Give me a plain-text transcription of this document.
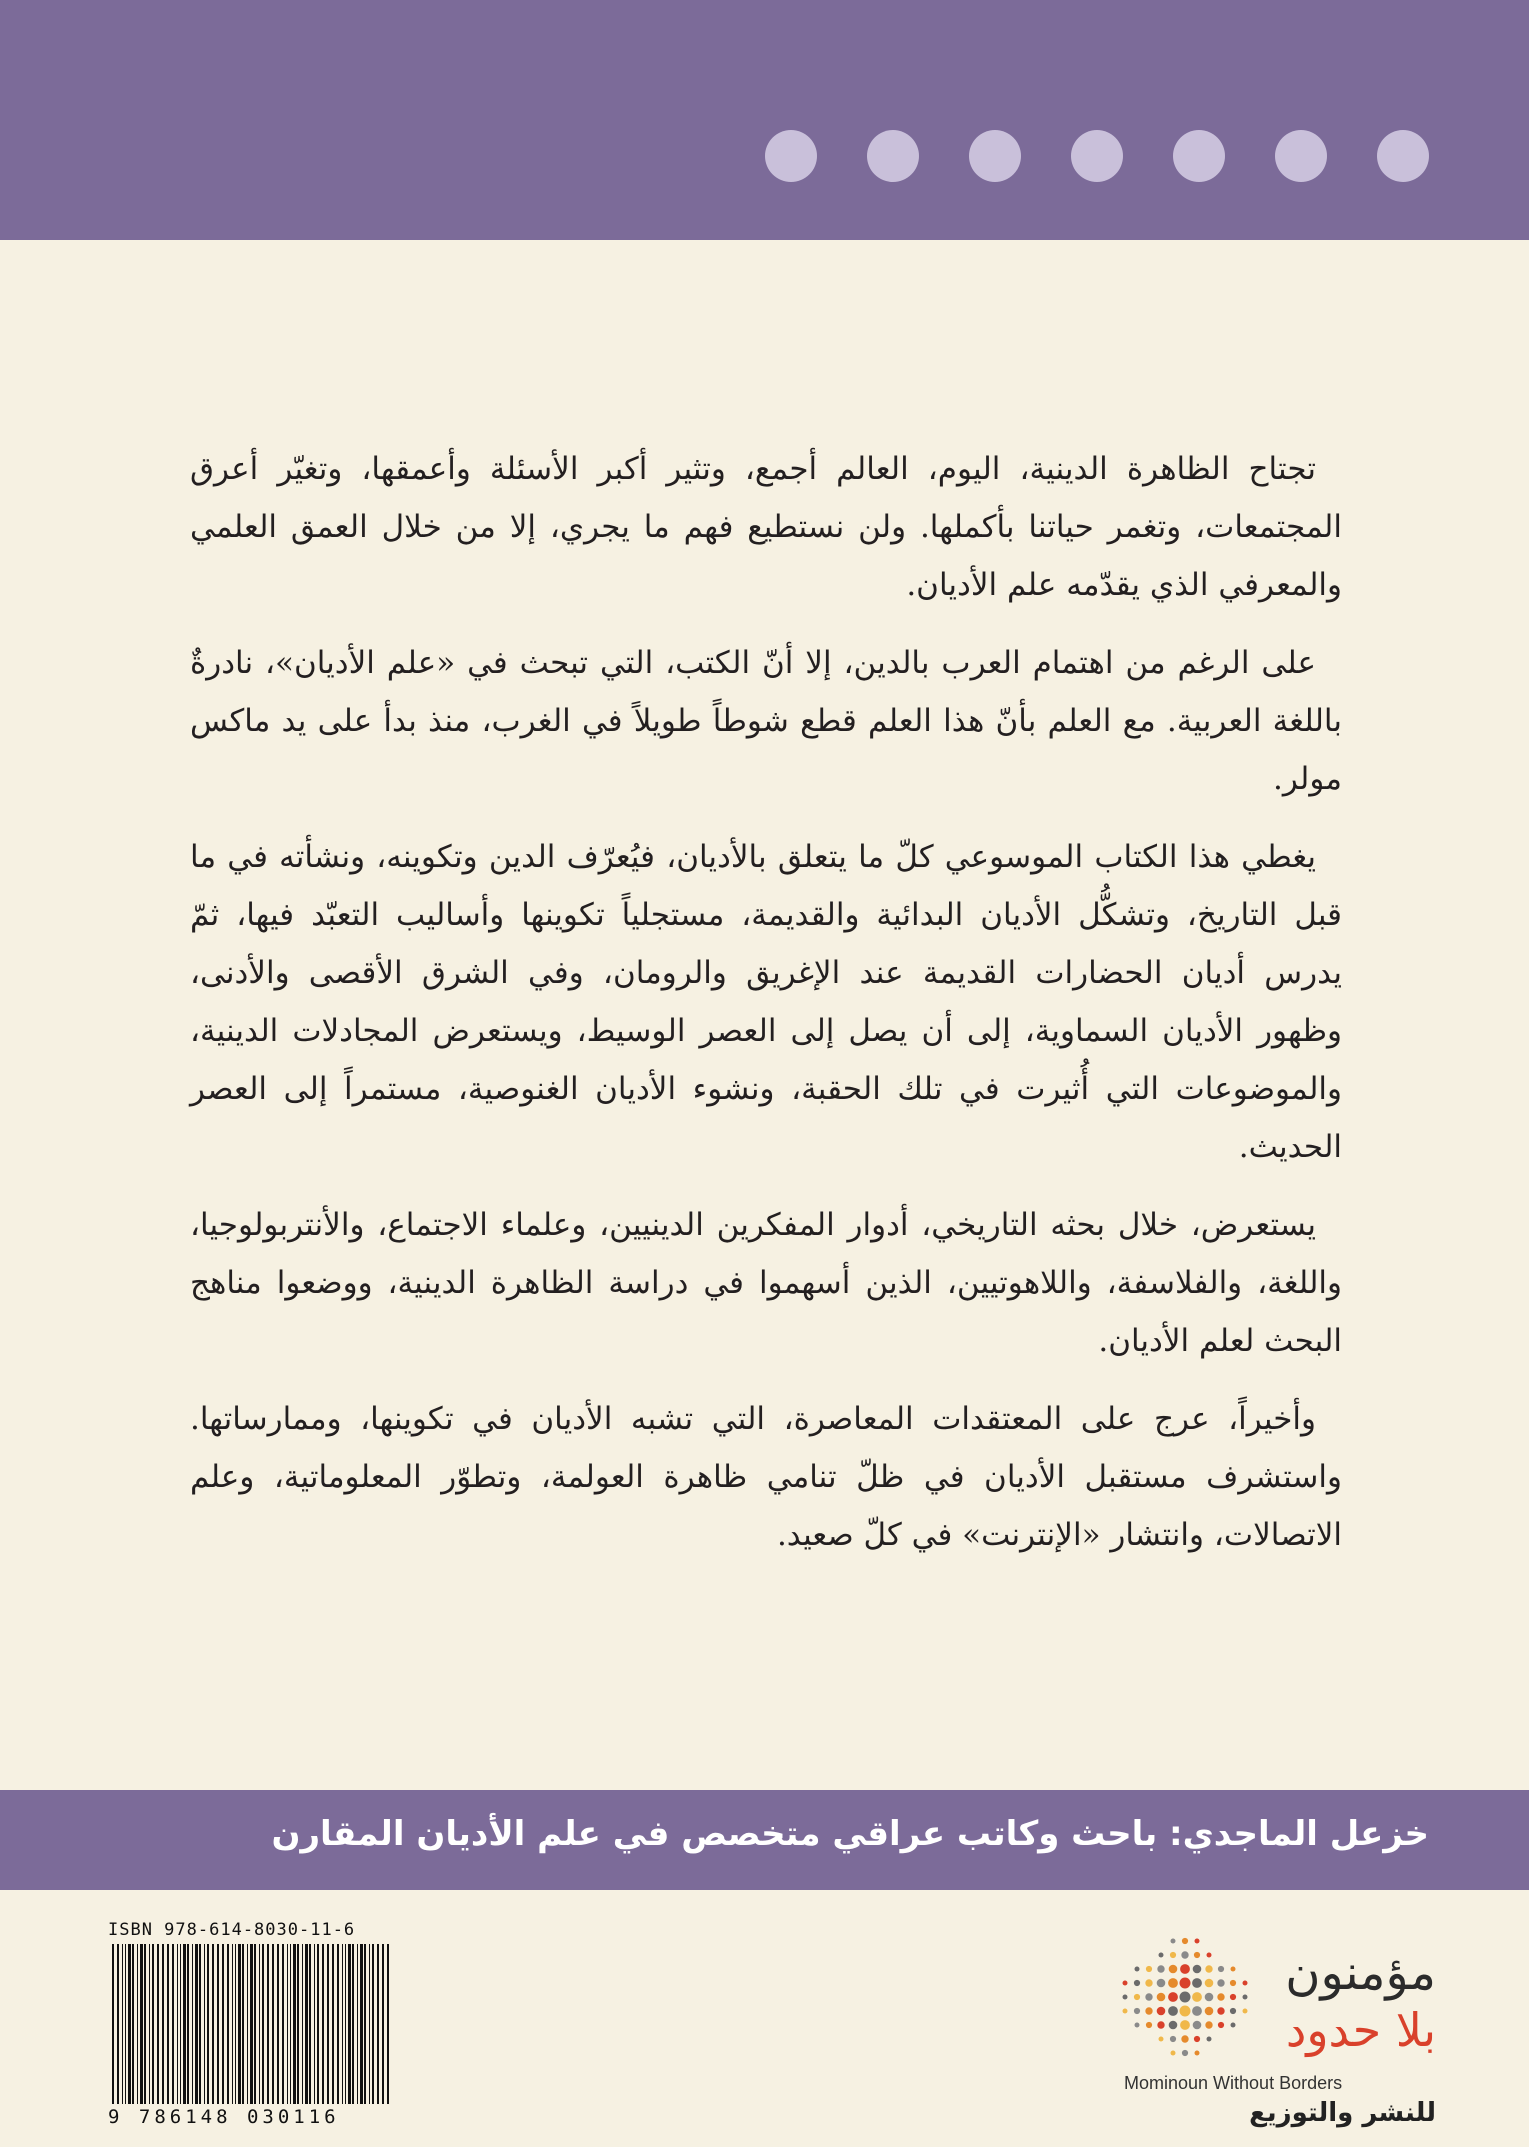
تجتاح الظاهرة الدينية، اليوم، العالم أجمع، وتثير أكبر الأسئلة وأعمقها، وتغيّر أعرق المجتمعات، وتغمر حياتنا بأكملها. ولن نستطيع فهم ما يجري، إلا من خلال العمق العلمي والمعرفي الذي يقدّمه علم الأديان.

على الرغم من اهتمام العرب بالدين، إلا أنّ الكتب، التي تبحث في «علم الأديان»، نادرةٌ باللغة العربية. مع العلم بأنّ هذا العلم قطع شوطاً طويلاً في الغرب، منذ بدأ على يد ماكس مولر.

يغطي هذا الكتاب الموسوعي كلّ ما يتعلق بالأديان، فيُعرّف الدين وتكوينه، ونشأته في ما قبل التاريخ، وتشكُّل الأديان البدائية والقديمة، مستجلياً تكوينها وأساليب التعبّد فيها، ثمّ يدرس أديان الحضارات القديمة عند الإغريق والرومان، وفي الشرق الأقصى والأدنى، وظهور الأديان السماوية، إلى أن يصل إلى العصر الوسيط، ويستعرض المجادلات الدينية، والموضوعات التي أُثيرت في تلك الحقبة، ونشوء الأديان الغنوصية، مستمراً إلى العصر الحديث.

يستعرض، خلال بحثه التاريخي، أدوار المفكرين الدينيين، وعلماء الاجتماع، والأنتربولوجيا، واللغة، والفلاسفة، واللاهوتيين، الذين أسهموا في دراسة الظاهرة الدينية، ووضعوا مناهج البحث لعلم الأديان.

وأخيراً، عرج على المعتقدات المعاصرة، التي تشبه الأديان في تكوينها، وممارساتها. واستشرف مستقبل الأديان في ظلّ تنامي ظاهرة العولمة، وتطوّر المعلوماتية، وعلم الاتصالات، وانتشار «الإنترنت» في كلّ صعيد.

خزعل الماجدي: باحث وكاتب عراقي متخصص في علم الأديان المقارن
ISBN 978-614-8030-11-6
9 786148 030116
مؤمنون
بلا حدود
Mominoun Without Borders
للنشر والتوزيع
